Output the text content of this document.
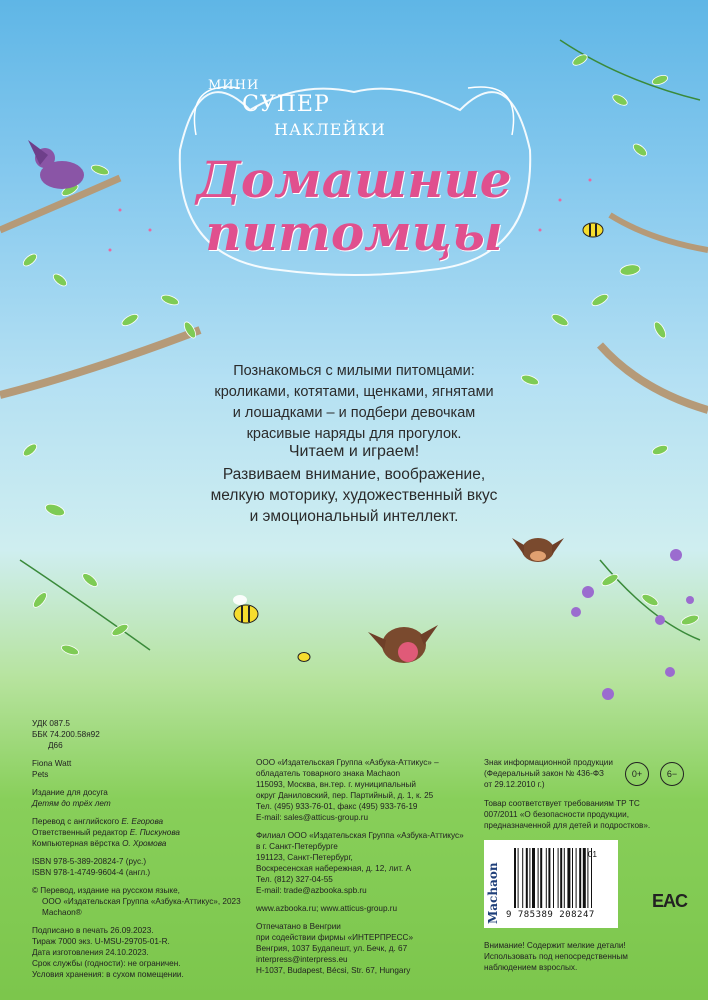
МИНИ
СУПЕР
НАКЛЕЙКИ
Домашние
питомцы
Познакомься с милыми питомцами:
кроликами, котятами, щенками, ягнятами
и лошадками – и подбери девочкам
красивые наряды для прогулок.
Читаем и играем!
Развиваем внимание, воображение,
мелкую моторику, художественный вкус
и эмоциональный интеллект.
УДК 087.5
ББК 74.200.58я92
Д66
Fiona Watt
Pets
Издание для досуга
Детям до трёх лет
Перевод с английского Е. Егорова
Ответственный редактор Е. Пискунова
Компьютерная вёрстка О. Хромова
ISBN 978-5-389-20824-7 (рус.)
ISBN 978-1-4749-9604-4 (англ.)
© Перевод, издание на русском языке,
ООО «Издательская Группа «Азбука-Аттикус», 2023
Machaon®
Подписано в печать 26.09.2023.
Тираж 7000 экз. U-MSU-29705-01-R.
Дата изготовления 24.10.2023.
Срок службы (годности): не ограничен.
Условия хранения: в сухом помещении.
ООО «Издательская Группа «Азбука-Аттикус» –
обладатель товарного знака Machaon
115093, Москва, вн.тер. г. муниципальный
округ Даниловский, пер. Партийный, д. 1, к. 25
Тел. (495) 933-76-01, факс (495) 933-76-19
E-mail: sales@atticus-group.ru
Филиал ООО «Издательская Группа «Азбука-Аттикус»
в г. Санкт-Петербурге
191123, Санкт-Петербург,
Воскресенская набережная, д. 12, лит. А
Тел. (812) 327-04-55
E-mail: trade@azbooka.spb.ru
www.azbooka.ru; www.atticus-group.ru
Отпечатано в Венгрии
при содействии фирмы «ИНТЕРПРЕСС»
Венгрия, 1037 Будапешт, ул. Бечк, д. 67
interpress@interpress.eu
H-1037, Budapest, Bécsi, Str. 67, Hungary
Знак информационной продукции
(Федеральный закон № 436-ФЗ
от 29.12.2010 г.)
0+	6−
Товар соответствует требованиям ТР ТС
007/2011 «О безопасности продукции,
предназначенной для детей и подростков».
01
9 785389 208247
Machaon	EAC
Внимание! Содержит мелкие детали!
Использовать под непосредственным
наблюдением взрослых.
